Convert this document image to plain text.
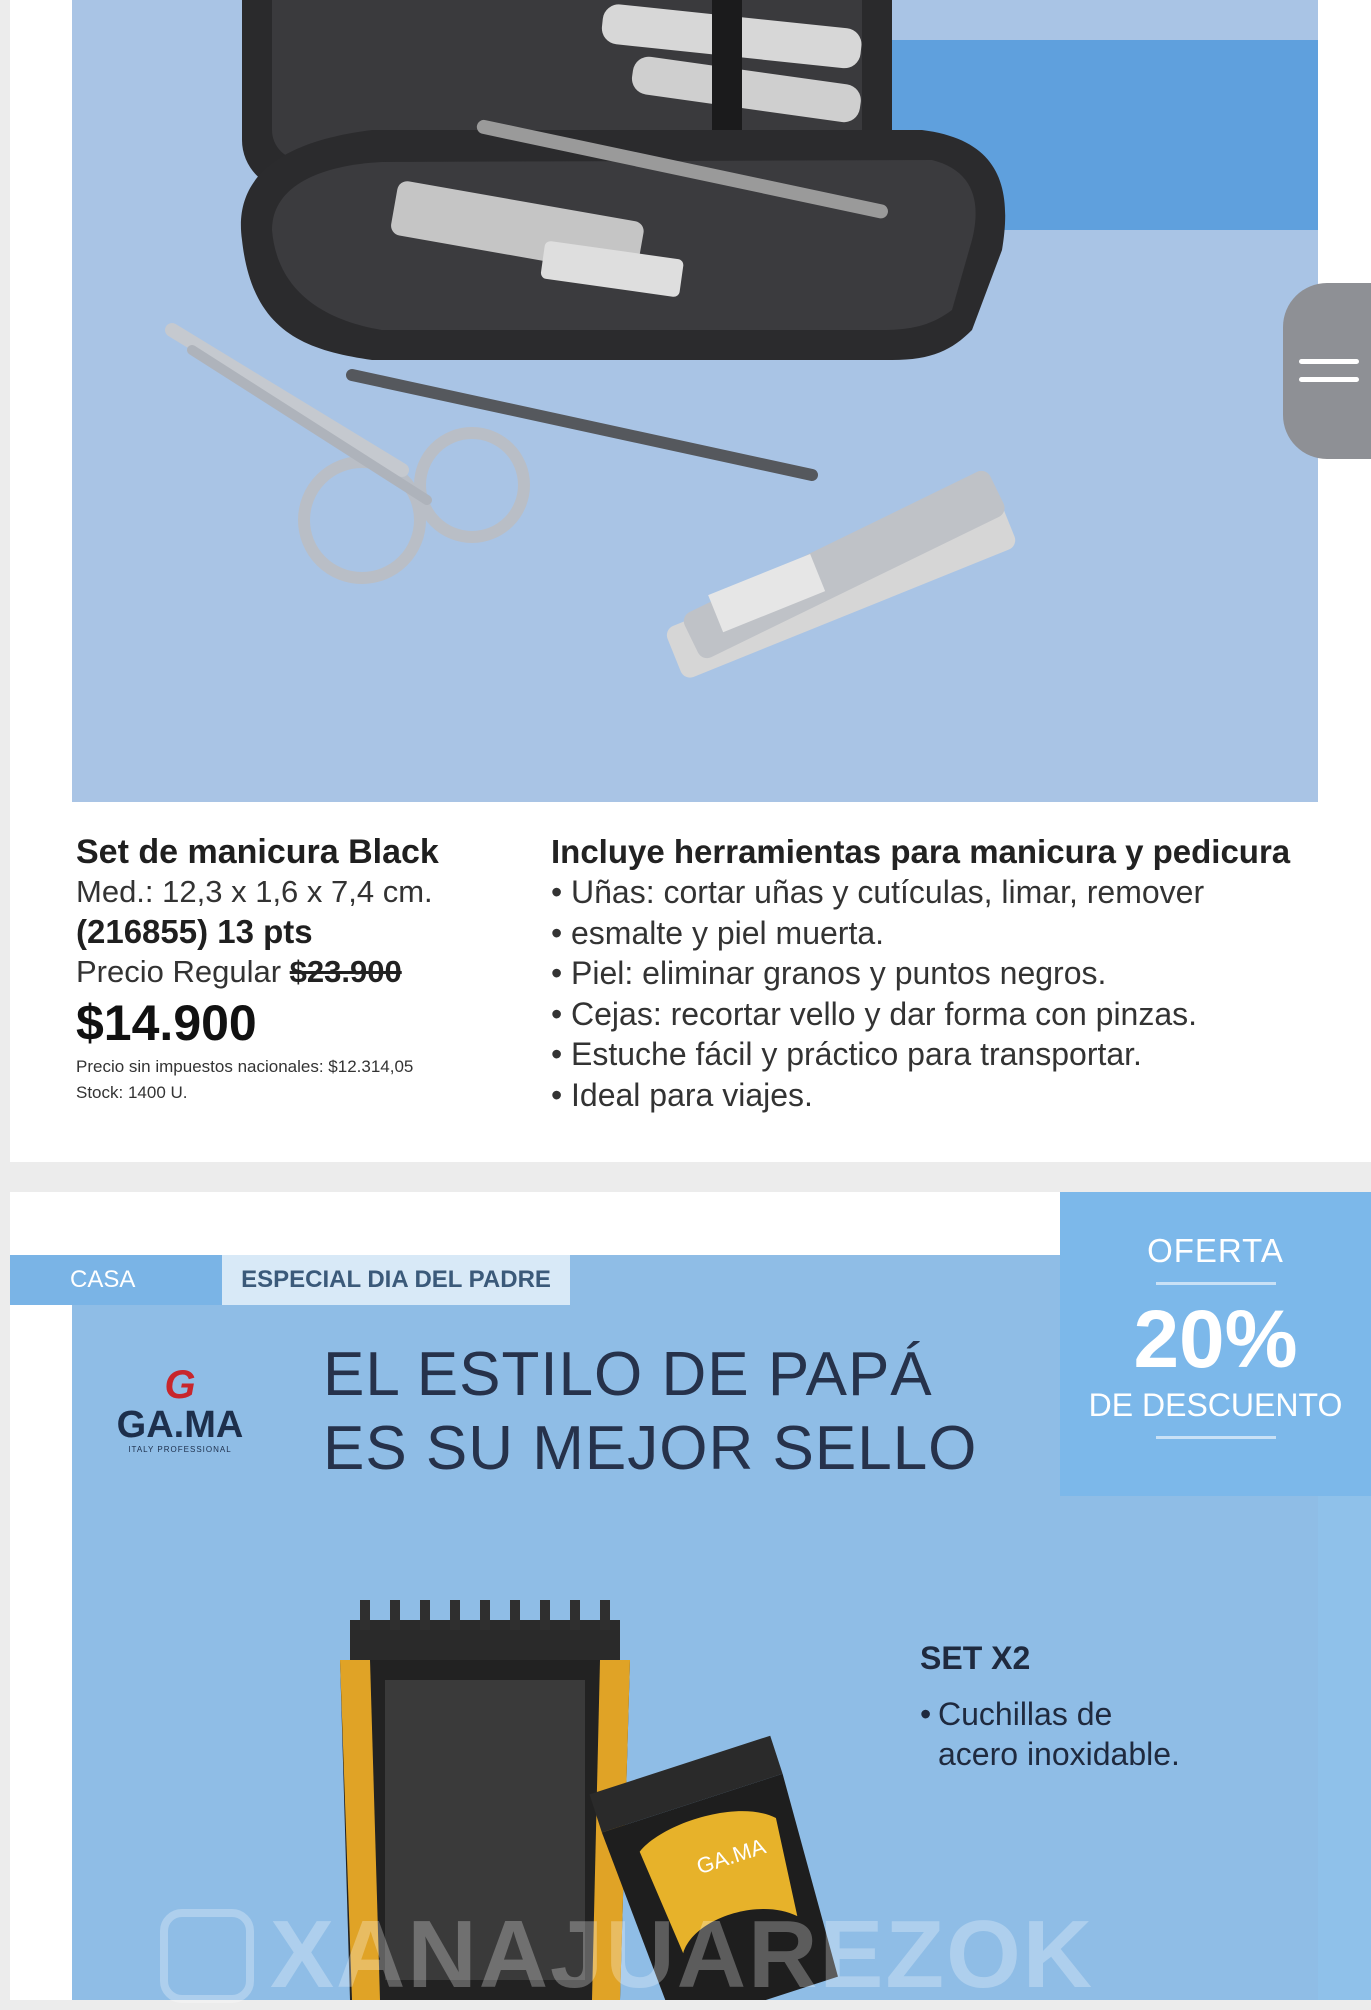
Set de manicura Black
Med.: 12,3 x 1,6 x 7,4 cm.
(216855) 13 pts
Precio Regular $23.900
$14.900
Precio sin impuestos nacionales: $12.314,05
Stock: 1400 U.
Incluye herramientas para manicura y pedicura
• Uñas: cortar uñas y cutículas, limar, remover
• esmalte y piel muerta.
• Piel: eliminar granos y puntos negros.
• Cejas: recortar vello y dar forma con pinzas.
• Estuche fácil y práctico para transportar.
• Ideal para viajes.
CASA	ESPECIAL DIA DEL PADRE
OFERTA
20%
DE DESCUENTO
G
GA.MA
ITALY PROFESSIONAL
EL ESTILO DE PAPÁ
ES SU MEJOR SELLO
GA.MA
SET X2
• Cuchillas de
acero inoxidable.
XANAJUAREZOK
